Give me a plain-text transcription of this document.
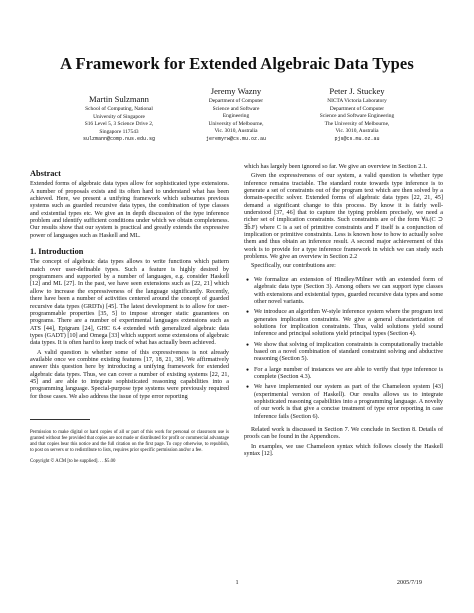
A Framework for Extended Algebraic Data Types
Martin Sulzmann
School of Computing, National
University of Singapore
S16 Level 5, 3 Science Drive 2,
Singapore 117543
sulzmann@comp.nus.edu.sg
Jeremy Wazny
Department of Computer
Science and Software
Engineering
University of Melbourne,
Vic. 3010, Australia
jeremyrw@cs.mu.oz.au
Peter J. Stuckey
NICTA Victoria Laboratory
Department of Computer
Science and Software Engineering
The University of Melbourne,
Vic. 3010, Australia
pjs@cs.mu.oz.au
Abstract

Extended forms of algebraic data types allow for sophisticated type extensions. A number of proposals exists and its often hard to understand what has been achieved. Here, we present a unifying framework which subsumes previous systems such as guarded recursive data types, the combination of type classes and existential types etc. We give an in depth discussion of the type inference problem and identify sufficient conditions under which we obtain completeness. Our results show that our system is practical and greatly extends the expressive power of languages such as Haskell and ML.

1. Introduction

The concept of algebraic data types allows to write functions which pattern match over user-definable types. Such a feature is highly desired by programmers and supported by a number of languages, e.g. consider Haskell [12] and ML [27]. In the past, we have seen extensions such as [22, 21] which allow to increase the expressiveness of the language significantly. Recently, there have been a number of activities centered around the concept of guarded recursive data types (GRDTs) [45]. The latest development is to allow for user-programmable properties [35, 5] to impose stronger static guarantees on programs. There are a number of experimental languages extensions such as ATS [44], Epigram [24], GHC 6.4 extended with generalized algebraic data types (GADT) [10] and Omega [33] which support some extensions of algebraic data types. It is often hard to keep track of what has actually been achieved.

A valid question is whether some of this expressiveness is not already available once we combine existing features [17, 18, 21, 38]. We affirmatively answer this question here by introducing a unifying framework for extended algebraic data types. Thus, we can cover a number of existing systems [22, 21, 45] and are able to integrate sophisticated reasoning capabilities into a programming language. Special-purpose type systems were previously required for those cases. We also address the issue of type error reporting

Permission to make digital or hard copies of all or part of this work for personal or classroom use is granted without fee provided that copies are not made or distributed for profit or commercial advantage and that copies bear this notice and the full citation on the first page. To copy otherwise, to republish, to post on servers or to redistribute to lists, requires prior specific permission and/or a fee.
Copyright © ACM [to be supplied]. . . $5.00

which has largely been ignored so far. We give an overview in Section 2.1.

Given the expressiveness of our system, a valid question is whether type inference remains tractable. The standard route towards type inference is to generate a set of constraints out of the program text which are then solved by a domain-specific solver. Extended forms of algebraic data types [22, 21, 45] demand a significant change to this process. By know it is fairly well-understood [37, 46] that to capture the typing problem precisely, we need a richer set of implication constraints. Such constraints are of the form ∀ā.(C ⊃ ∃b̄.F) where C is a set of primitive constraints and F itself is a conjunction of implication or primitive constraints. Less is known how to how to actually solve them and thus obtain an inference result. A second major achievement of this work is to provide for a type inference framework in which we can study such problems. We give an overview in Section 2.2

Specifically, our contributions are:

● We formalize an extension of Hindley/Milner with an extended form of algebraic data type (Section 3). Among others we can support type classes with extensions and existential types, guarded recursive data types and some other novel variants.
● We introduce an algorithm W-style inference system where the program text generates implication constraints. We give a general characterization of solutions for implication constraints. Thus, valid solutions yield sound inference and principal solutions yield principal types (Section 4).
● We show that solving of implication constraints is computationally tractable based on a novel combination of standard constraint solving and abductive reasoning (Section 5).
● For a large number of instances we are able to verify that type inference is complete (Section 4.3).
● We have implemented our system as part of the Chameleon system [43] (experimental version of Haskell). Our results allows us to integrate sophisticated reasoning capabilities into a programming language. A novelty of our work is that give a concise treatment of type error reporting in case inference fails (Section 6).

Related work is discussed in Section 7. We conclude in Section 8. Details of proofs can be found in the Appendices.

In examples, we use Chameleon syntax which follows closely the Haskell syntax [12].

1	2005/7/19
